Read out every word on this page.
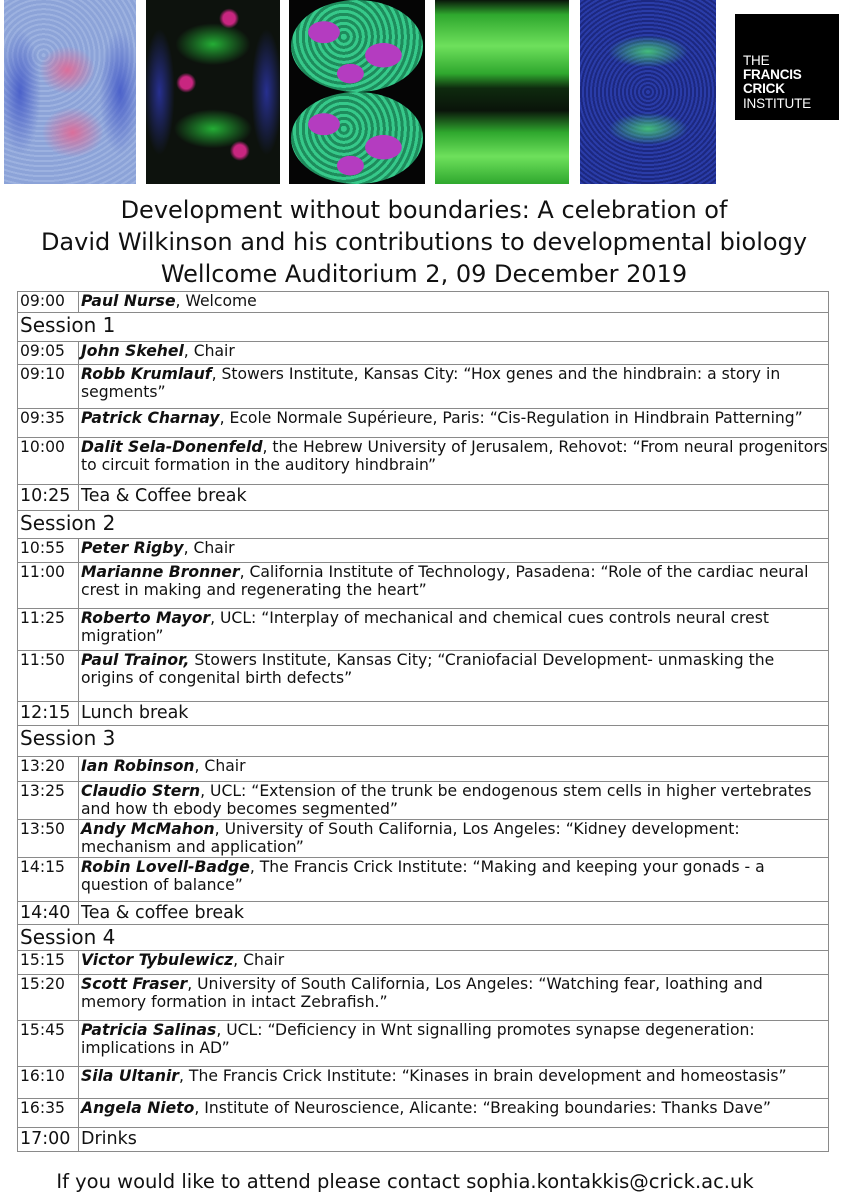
THE
FRANCIS
CRICK
INSTITUTE
Development without boundaries: A celebration of
David Wilkinson and his contributions to developmental biology
Wellcome Auditorium 2, 09 December 2019
09:00	Paul Nurse, Welcome
Session 1	
09:05	John Skehel, Chair
09:10	Robb Krumlauf, Stowers Institute, Kansas City: “Hox genes and the hindbrain: a story in segments”
09:35	Patrick Charnay, Ecole Normale Supérieure, Paris: “Cis-Regulation in Hindbrain Patterning”
10:00	Dalit Sela-Donenfeld, the Hebrew University of Jerusalem, Rehovot: “From neural progenitors to circuit formation in the auditory hindbrain”
10:25	Tea & Coffee break
Session 2	
10:55	Peter Rigby, Chair
11:00	Marianne Bronner, California Institute of Technology, Pasadena: “Role of the cardiac neural crest in making and regenerating the heart”
11:25	Roberto Mayor, UCL: “Interplay of mechanical and chemical cues controls neural crest migration”
11:50	Paul Trainor, Stowers Institute, Kansas City; “Craniofacial Development- unmasking the origins of congenital birth defects”
12:15	Lunch break
Session 3	
13:20	Ian Robinson, Chair
13:25	Claudio Stern, UCL: “Extension of the trunk be endogenous stem cells in higher vertebrates and how th ebody becomes segmented”
13:50	Andy McMahon, University of South California, Los Angeles: “Kidney development: mechanism and application”
14:15	Robin Lovell-Badge, The Francis Crick Institute: “Making and keeping your gonads - a question of balance”
14:40	Tea & coffee break
Session 4	
15:15	Victor Tybulewicz, Chair
15:20	Scott Fraser, University of South California, Los Angeles: “Watching fear, loathing and memory formation in intact Zebrafish.”
15:45	Patricia Salinas, UCL: “Deficiency in Wnt signalling promotes synapse degeneration: implications in AD”
16:10	Sila Ultanir, The Francis Crick Institute: “Kinases in brain development and homeostasis”
16:35	Angela Nieto, Institute of Neuroscience, Alicante: “Breaking boundaries: Thanks Dave”
17:00	Drinks
If you would like to attend please contact sophia.kontakkis@crick.ac.uk
